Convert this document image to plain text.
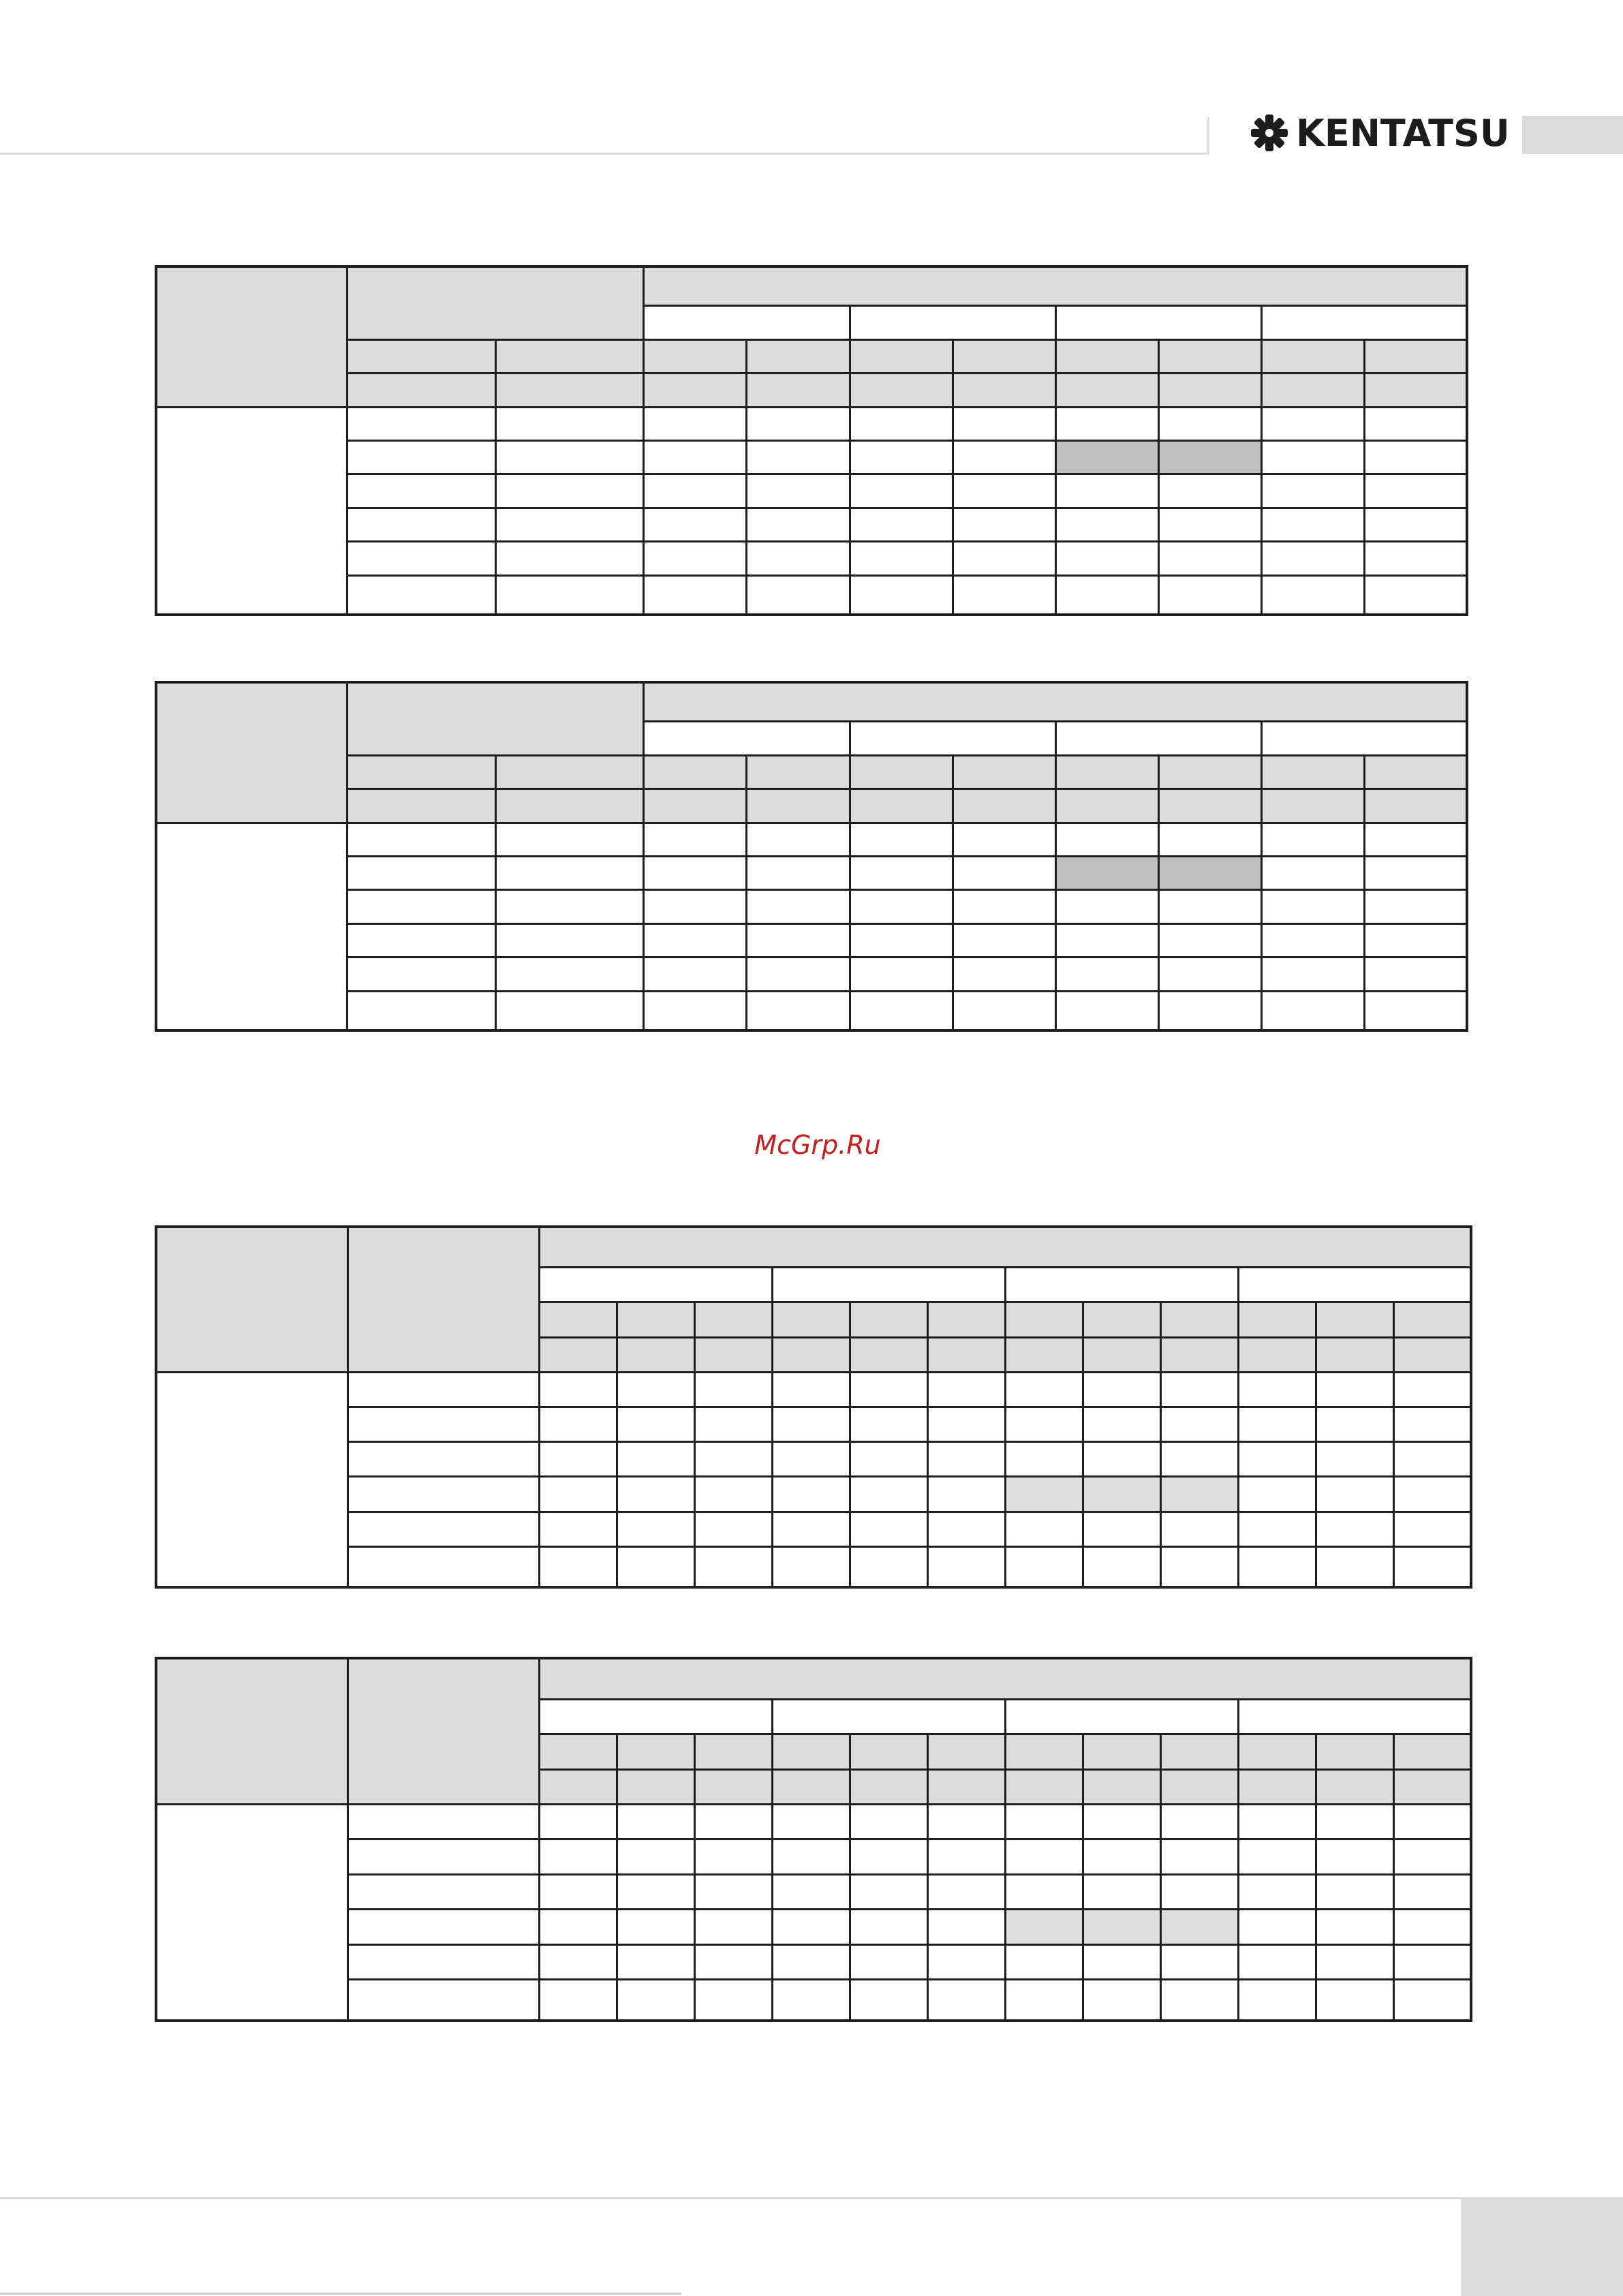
KENTATSU

McGrp.Ru
